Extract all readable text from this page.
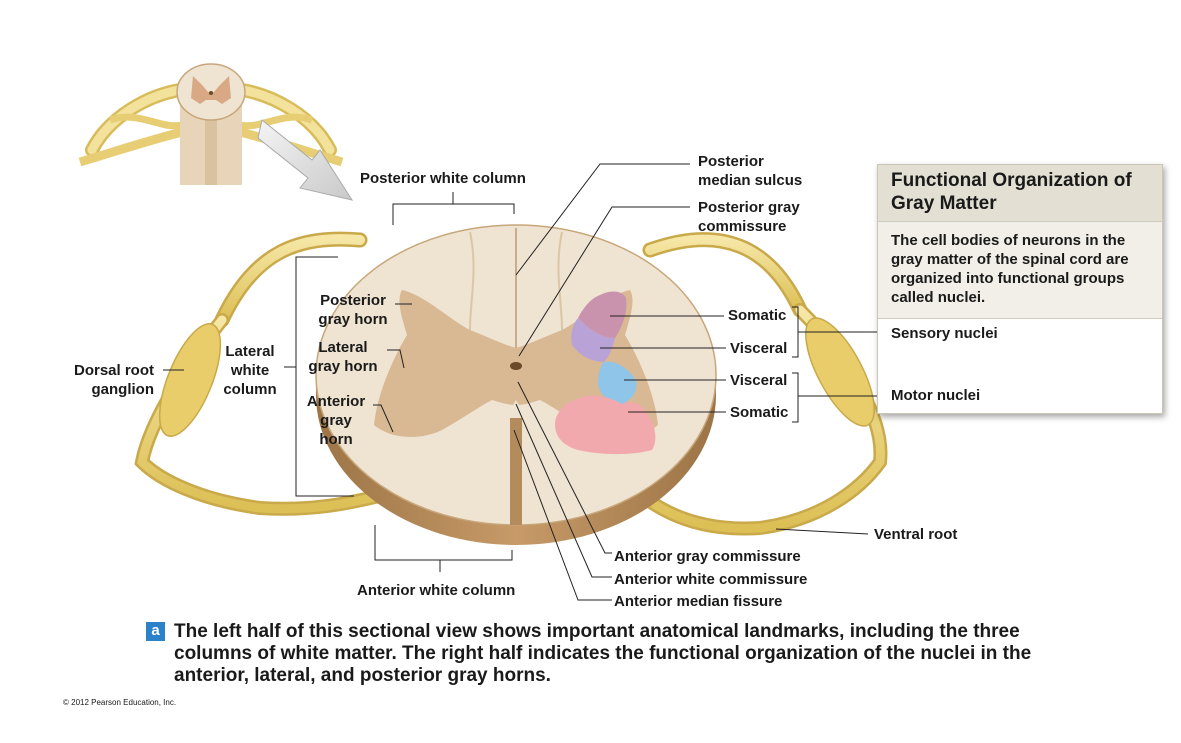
Posterior white column
Posterior
median sulcus
Posterior gray
commissure
Posterior
gray horn
Lateral
gray horn
Anterior
gray
horn
Lateral
white
column
Dorsal root
ganglion
Anterior white column
Anterior gray commissure
Anterior white commissure
Anterior median fissure
Ventral root
Somatic
Visceral
Visceral
Somatic
Functional Organization of Gray Matter
The cell bodies of neurons in the gray matter of the spinal cord are organized into functional groups called nuclei.
Sensory nuclei
Motor nuclei
a The left half of this sectional view shows important anatomical landmarks, including the three columns of white matter. The right half indicates the functional organization of the nuclei in the anterior, lateral, and posterior gray horns.
© 2012 Pearson Education, Inc.
